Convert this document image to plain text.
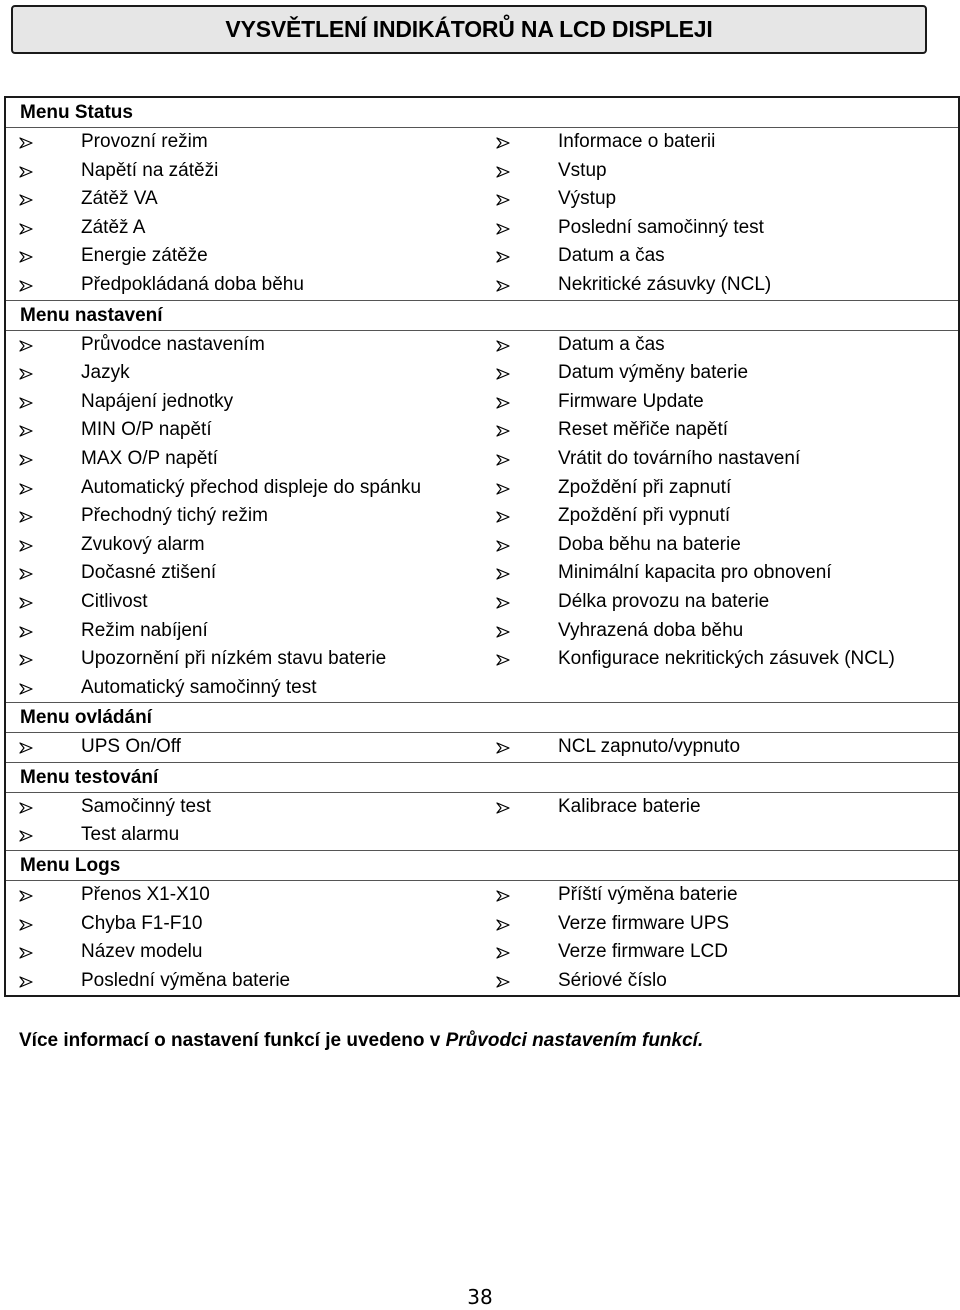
VYSVĚTLENÍ INDIKÁTORŮ NA LCD DISPLEJI
Menu Status
Provozní režim	Informace o baterii
Napětí na zátěži	Vstup
Zátěž VA	Výstup
Zátěž A	Poslední samočinný test
Energie zátěže	Datum a čas
Předpokládaná doba běhu	Nekritické zásuvky (NCL)
Menu nastavení
Průvodce nastavením	Datum a čas
Jazyk	Datum výměny baterie
Napájení jednotky	Firmware Update
MIN O/P napětí	Reset měřiče napětí
MAX O/P napětí	Vrátit do továrního nastavení
Automatický přechod displeje do spánku	Zpoždění při zapnutí
Přechodný tichý režim	Zpoždění při vypnutí
Zvukový alarm	Doba běhu na baterie
Dočasné ztišení	Minimální kapacita pro obnovení
Citlivost	Délka provozu na baterie
Režim nabíjení	Vyhrazená doba běhu
Upozornění při nízkém stavu baterie	Konfigurace nekritických zásuvek (NCL)
Automatický samočinný test
Menu ovládání
UPS On/Off	NCL zapnuto/vypnuto
Menu testování
Samočinný test	Kalibrace baterie
Test alarmu
Menu Logs
Přenos X1-X10	Příští výměna baterie
Chyba F1-F10	Verze firmware UPS
Název modelu	Verze firmware LCD
Poslední výměna baterie	Sériové číslo
Více informací o nastavení funkcí je uvedeno v Průvodci nastavením funkcí.
38
